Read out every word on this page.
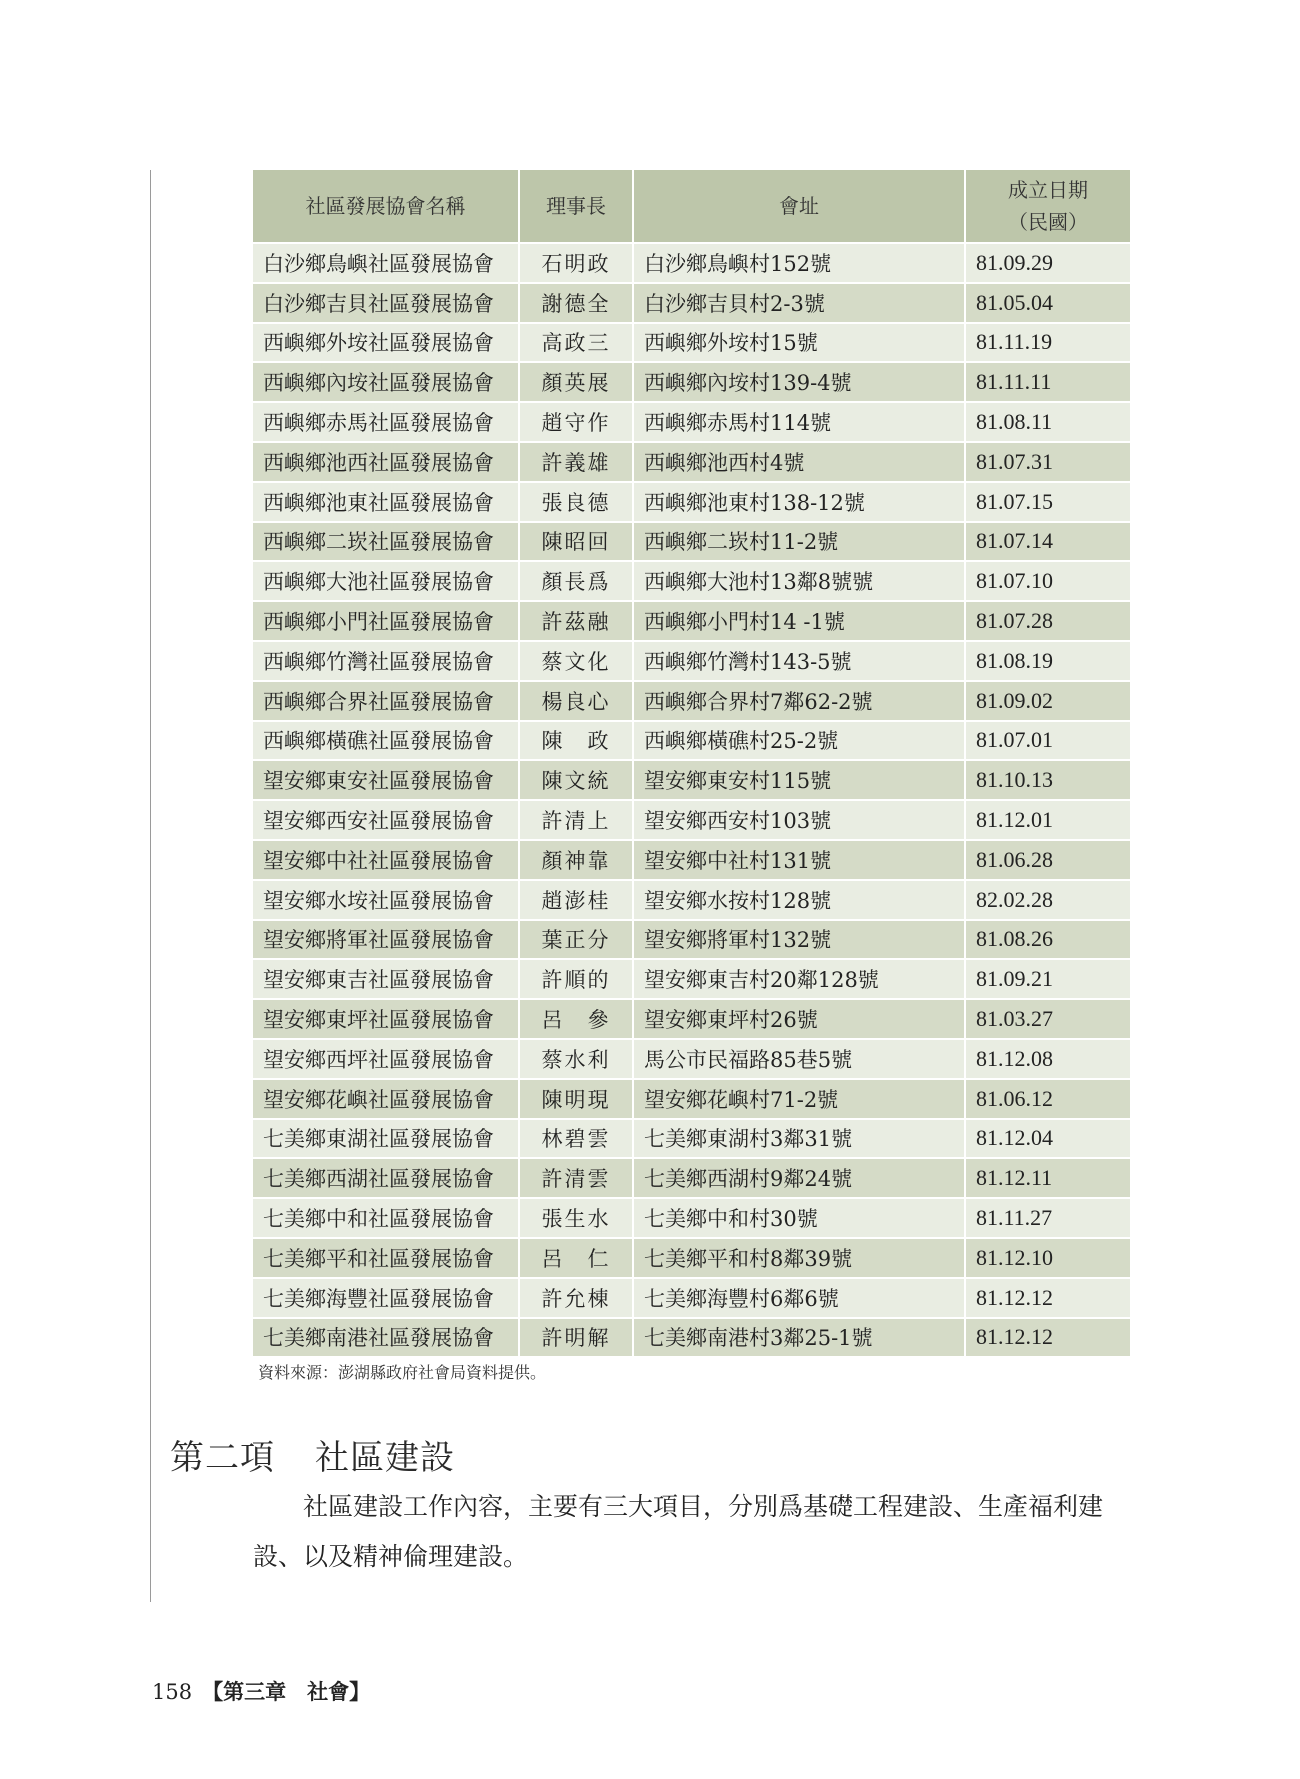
社區發展協會名稱	理事長	會址	成立日期
（民國）
白沙鄉鳥嶼社區發展協會	石明政	白沙鄉鳥嶼村152號	81.09.29
白沙鄉吉貝社區發展協會	謝德全	白沙鄉吉貝村2-3號	81.05.04
西嶼鄉外垵社區發展協會	高政三	西嶼鄉外垵村15號	81.11.19
西嶼鄉內垵社區發展協會	顏英展	西嶼鄉內垵村139-4號	81.11.11
西嶼鄉赤馬社區發展協會	趙守作	西嶼鄉赤馬村114號	81.08.11
西嶼鄉池西社區發展協會	許義雄	西嶼鄉池西村4號	81.07.31
西嶼鄉池東社區發展協會	張良德	西嶼鄉池東村138-12號	81.07.15
西嶼鄉二崁社區發展協會	陳昭回	西嶼鄉二崁村11-2號	81.07.14
西嶼鄉大池社區發展協會	顏長爲	西嶼鄉大池村13鄰8號號	81.07.10
西嶼鄉小門社區發展協會	許茲融	西嶼鄉小門村14 -1號	81.07.28
西嶼鄉竹灣社區發展協會	蔡文化	西嶼鄉竹灣村143-5號	81.08.19
西嶼鄉合界社區發展協會	楊良心	西嶼鄉合界村7鄰62-2號	81.09.02
西嶼鄉橫礁社區發展協會	陳　政	西嶼鄉橫礁村25-2號	81.07.01
望安鄉東安社區發展協會	陳文統	望安鄉東安村115號	81.10.13
望安鄉西安社區發展協會	許清上	望安鄉西安村103號	81.12.01
望安鄉中社社區發展協會	顏神靠	望安鄉中社村131號	81.06.28
望安鄉水垵社區發展協會	趙澎桂	望安鄉水按村128號	82.02.28
望安鄉將軍社區發展協會	葉正分	望安鄉將軍村132號	81.08.26
望安鄉東吉社區發展協會	許順的	望安鄉東吉村20鄰128號	81.09.21
望安鄉東坪社區發展協會	呂　參	望安鄉東坪村26號	81.03.27
望安鄉西坪社區發展協會	蔡水利	馬公市民福路85巷5號	81.12.08
望安鄉花嶼社區發展協會	陳明現	望安鄉花嶼村71-2號	81.06.12
七美鄉東湖社區發展協會	林碧雲	七美鄉東湖村3鄰31號	81.12.04
七美鄉西湖社區發展協會	許清雲	七美鄉西湖村9鄰24號	81.12.11
七美鄉中和社區發展協會	張生水	七美鄉中和村30號	81.11.27
七美鄉平和社區發展協會	呂　仁	七美鄉平和村8鄰39號	81.12.10
七美鄉海豐社區發展協會	許允棟	七美鄉海豐村6鄰6號	81.12.12
七美鄉南港社區發展協會	許明解	七美鄉南港村3鄰25-1號	81.12.12
資料來源：澎湖縣政府社會局資料提供。
第二項 社區建設

社區建設工作內容，主要有三大項目，分別爲基礎工程建設、生產福利建設、以及精神倫理建設。

158 【第三章　社會】
